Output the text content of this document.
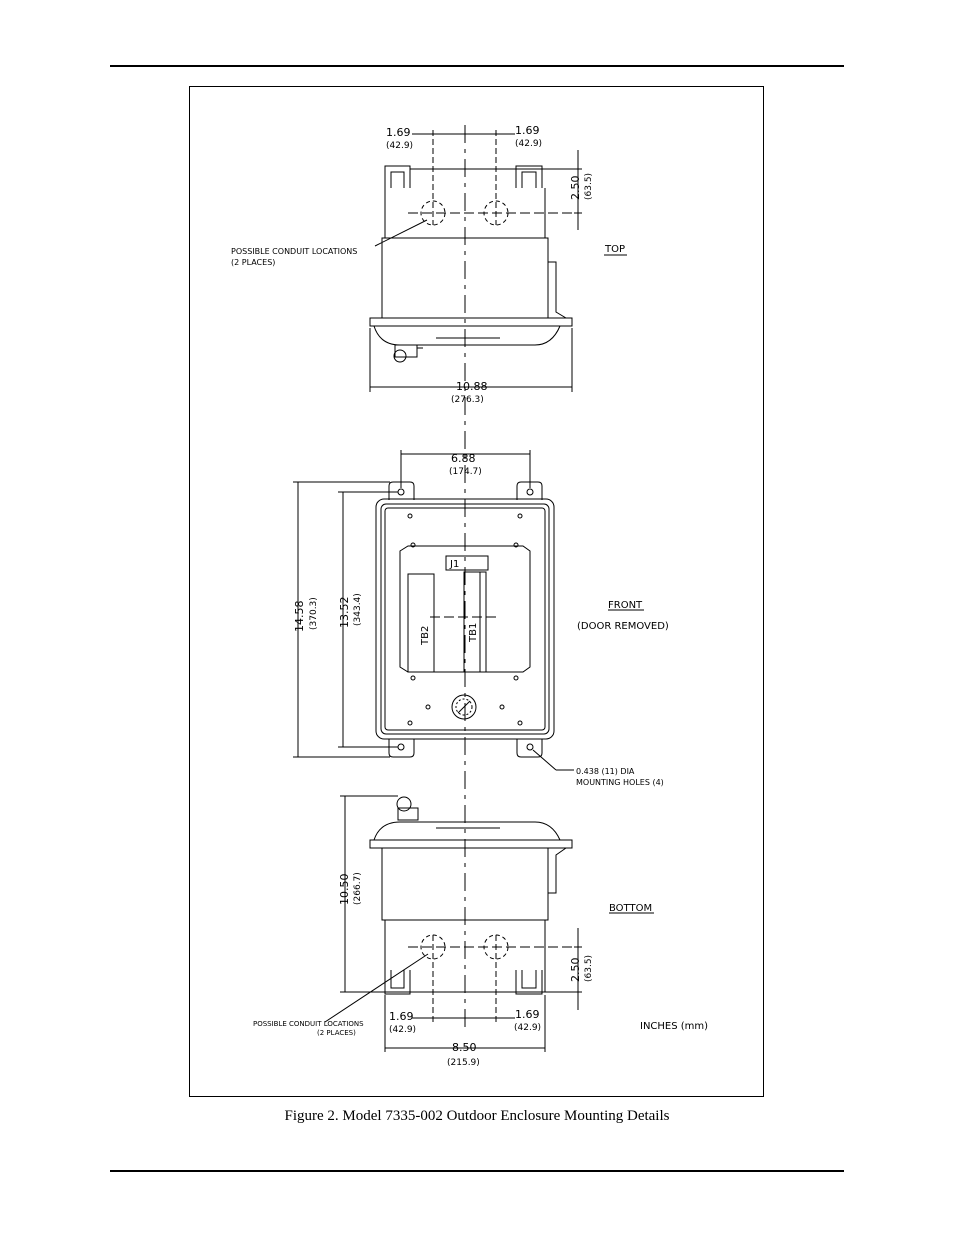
1.69
(42.9)
1.69
(42.9)
2.50 (63.5)
TOP
POSSIBLE CONDUIT LOCATIONS
(2 PLACES)
10.88
(276.3)
6.88
(174.7)
14.58 (370.3) 13.52 (343.4)
J1
TB2	TB1
FRONT
(DOOR REMOVED)
0.438 (11) DIA
MOUNTING HOLES (4)
10.50 (266.7)
BOTTOM
2.50 (63.5)
POSSIBLE CONDUIT LOCATIONS
(2 PLACES)
1.69
(42.9)
1.69
(42.9)	INCHES (mm)
8.50
(215.9)
Figure 2. Model 7335-002 Outdoor Enclosure Mounting Details
